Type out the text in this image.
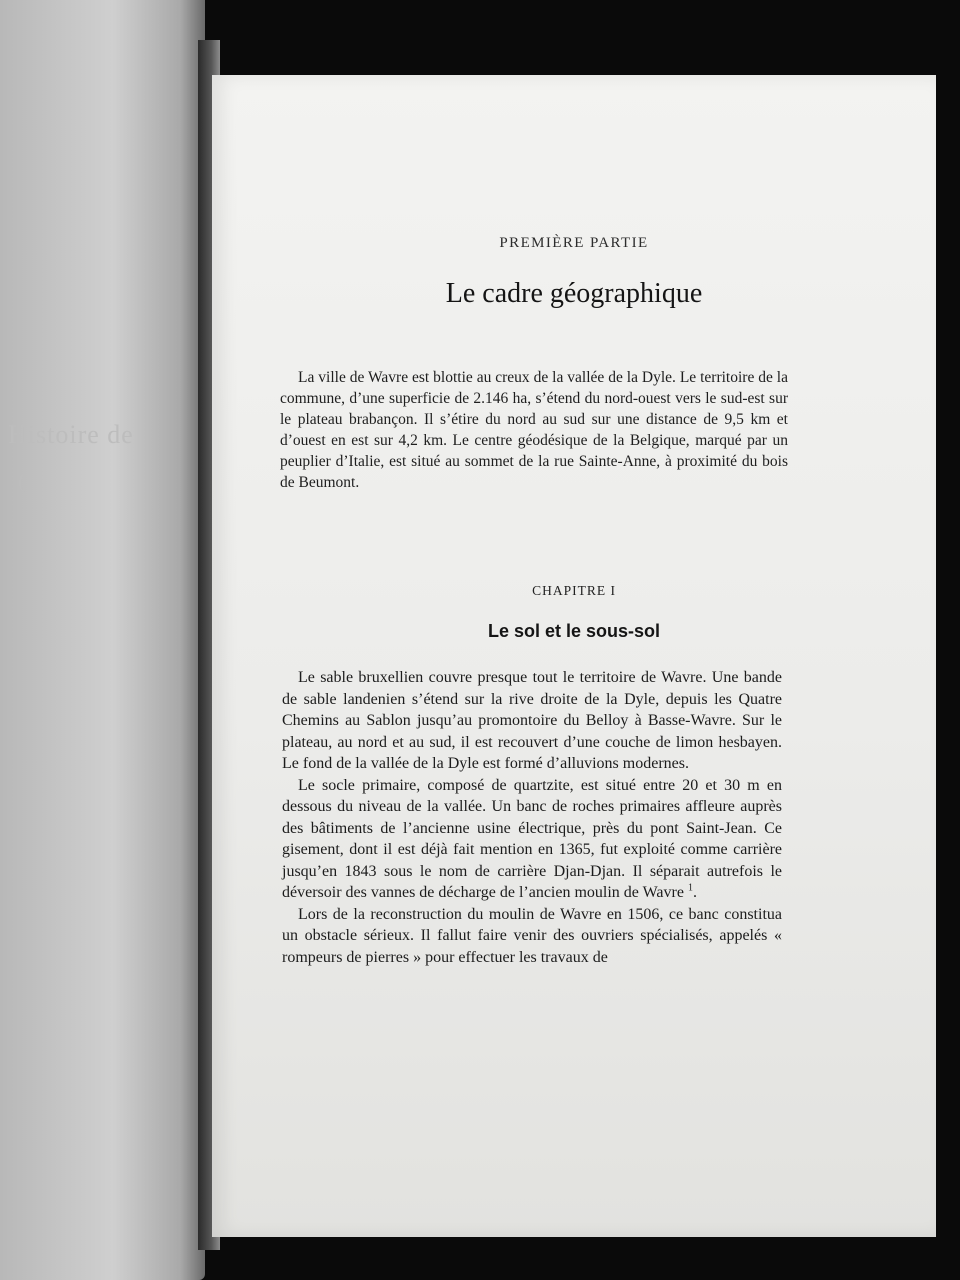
Histoire de
(
PREMIÈRE PARTIE
Le cadre géographique

La ville de Wavre est blottie au creux de la vallée de la Dyle. Le territoire de la commune, d’une superficie de 2.146 ha, s’étend du nord-ouest vers le sud-est sur le plateau brabançon. Il s’étire du nord au sud sur une distance de 9,5 km et d’ouest en est sur 4,2 km. Le centre géodésique de la Belgique, marqué par un peuplier d’Italie, est situé au sommet de la rue Sainte-Anne, à proximité du bois de Beumont.

CHAPITRE I
Le sol et le sous-sol

Le sable bruxellien couvre presque tout le territoire de Wavre. Une bande de sable landenien s’étend sur la rive droite de la Dyle, depuis les Quatre Chemins au Sablon jusqu’au promontoire du Belloy à Basse-Wavre. Sur le plateau, au nord et au sud, il est recouvert d’une couche de limon hesbayen. Le fond de la vallée de la Dyle est formé d’alluvions modernes.

Le socle primaire, composé de quartzite, est situé entre 20 et 30 m en dessous du niveau de la vallée. Un banc de roches primaires affleure auprès des bâtiments de l’ancienne usine électrique, près du pont Saint-Jean. Ce gisement, dont il est déjà fait mention en 1365, fut exploité comme carrière jusqu’en 1843 sous le nom de carrière Djan-Djan. Il séparait autrefois le déversoir des vannes de décharge de l’ancien moulin de Wavre $^1$.

Lors de la reconstruction du moulin de Wavre en 1506, ce banc constitua un obstacle sérieux. Il fallut faire venir des ouvriers spécialisés, appelés « rompeurs de pierres » pour effectuer les travaux de
